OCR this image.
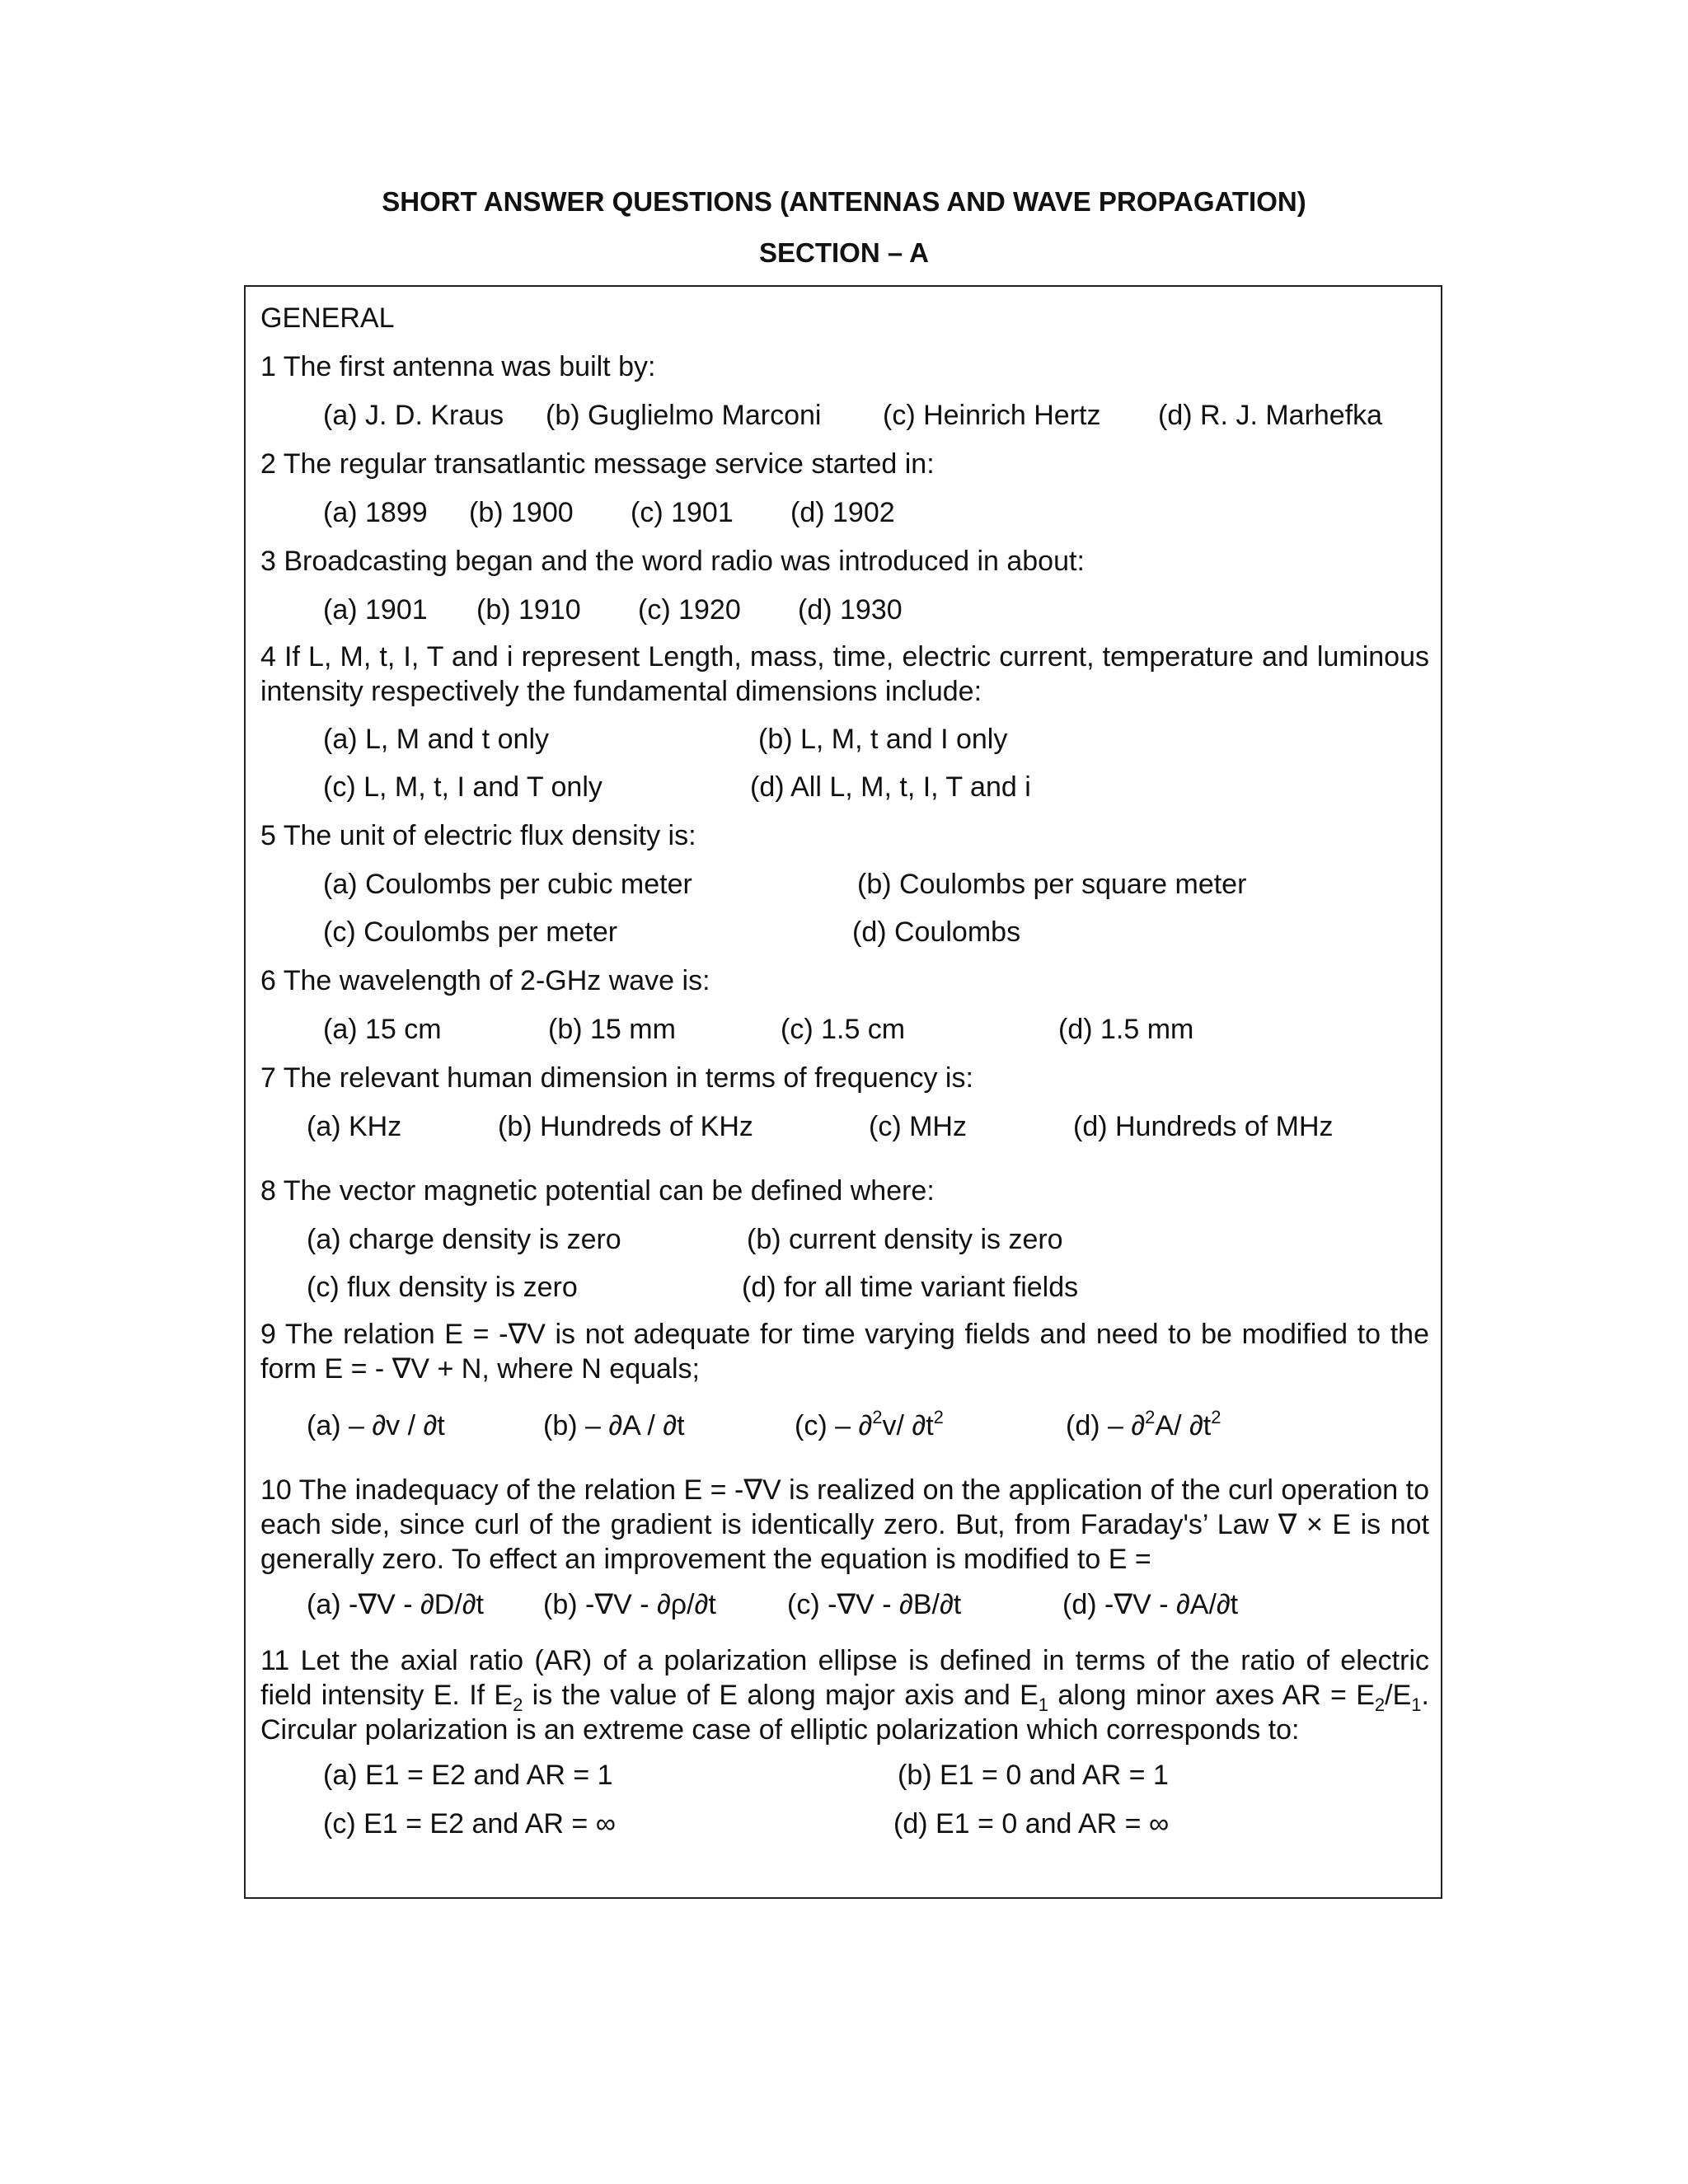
SHORT ANSWER QUESTIONS (ANTENNAS AND WAVE PROPAGATION)
SECTION – A
GENERAL
1 The first antenna was built by:
(a) J. D. Kraus (b) Guglielmo Marconi (c) Heinrich Hertz (d) R. J. Marhefka
2 The regular transatlantic message service started in:
(a) 1899 (b) 1900 (c) 1901 (d) 1902
3 Broadcasting began and the word radio was introduced in about:
(a) 1901 (b) 1910 (c) 1920 (d) 1930
4 If L, M, t, I, T and i represent Length, mass, time, electric current, temperature and luminous intensity respectively the fundamental dimensions include:
(a) L, M and t only	(b) L, M, t and I only
(c) L, M, t, I and T only	(d) All L, M, t, I, T and i
5 The unit of electric flux density is:
(a) Coulombs per cubic meter	(b) Coulombs per square meter
(c) Coulombs per meter	(d) Coulombs
6 The wavelength of 2-GHz wave is:
(a) 15 cm	(b) 15 mm	(c) 1.5 cm	(d) 1.5 mm
7 The relevant human dimension in terms of frequency is:
(a) KHz	(b) Hundreds of KHz	(c) MHz	(d) Hundreds of MHz
8 The vector magnetic potential can be defined where:
(a) charge density is zero	(b) current density is zero
(c) flux density is zero	(d) for all time variant fields
9 The relation E = -∇V is not adequate for time varying fields and need to be modified to the form E = - ∇V + N, where N equals;
(a) – ∂v / ∂t	(b) – ∂A / ∂t	(c) – ∂$^2$v/ $\partial t^2$	(d) – ∂$^2$A/ $\partial t^2$
10 The inadequacy of the relation E = -∇V is realized on the application of the curl operation to each side, since curl of the gradient is identically zero. But, from Faraday's’ Law ∇ × E is not generally zero. To effect an improvement the equation is modified to E =
(a) -∇V - ∂D/∂t (b) -∇V - ∂ρ/∂t	(c) -∇V - ∂B/∂t	(d) -∇V - ∂A/∂t
11 Let the axial ratio (AR) of a polarization ellipse is defined in terms of the ratio of electric field intensity E. If $E_2$ is the value of E along major axis and $E_1$ along minor axes AR = $E_2/E_1$. Circular polarization is an extreme case of elliptic polarization which corresponds to:
(a) E1 = E2 and AR = 1	(b) E1 = 0 and AR = 1
(c) E1 = E2 and AR = ∞	(d) E1 = 0 and AR = ∞
